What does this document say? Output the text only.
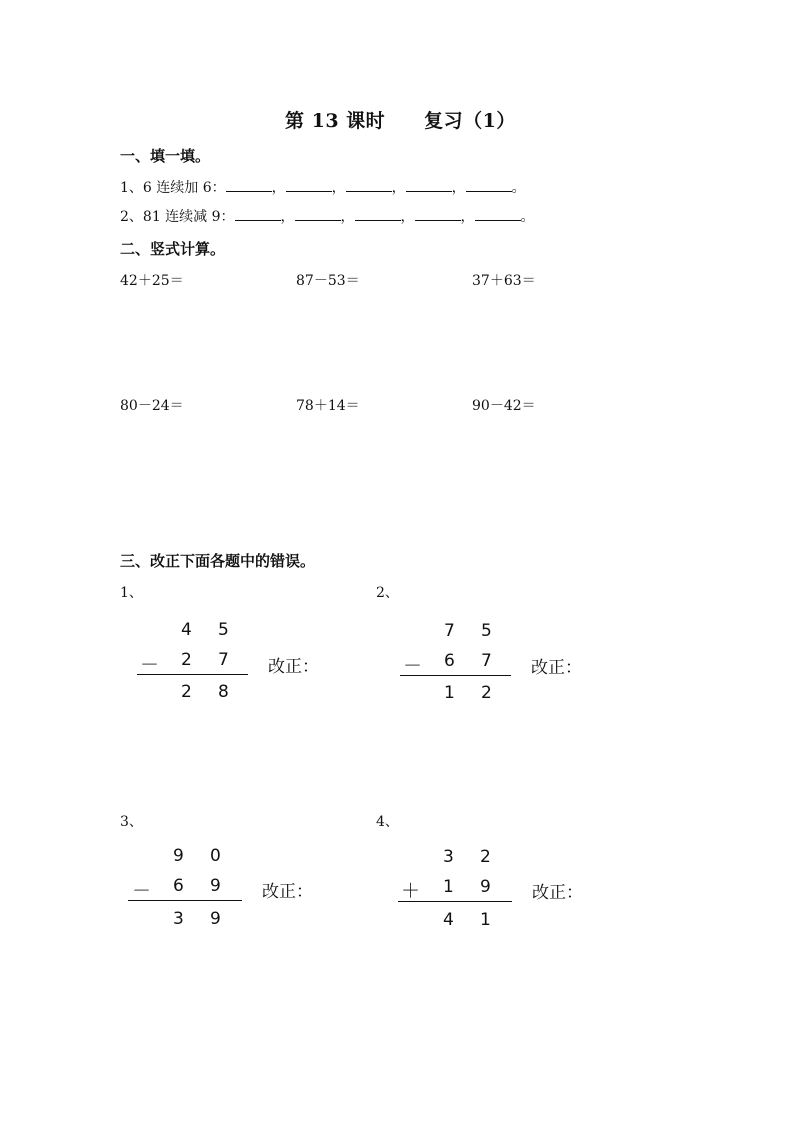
第 13 课时　　复习（1）
一、填一填。
1、6 连续加 6：	，	，	，	，	。
2、81 连续减 9：	，	，	，	，	。
二、竖式计算。
42＋25＝	87－53＝	37＋63＝
80－24＝	78＋14＝	90－42＝
三、改正下面各题中的错误。
1、
4 5
－ 2 7
2 8
改正：
2、
7 5
－ 6 7
1 2
改正：
3、
9 0
－ 6 9
3 9
改正：
4、
3 2
＋ 1 9
4 1
改正：
